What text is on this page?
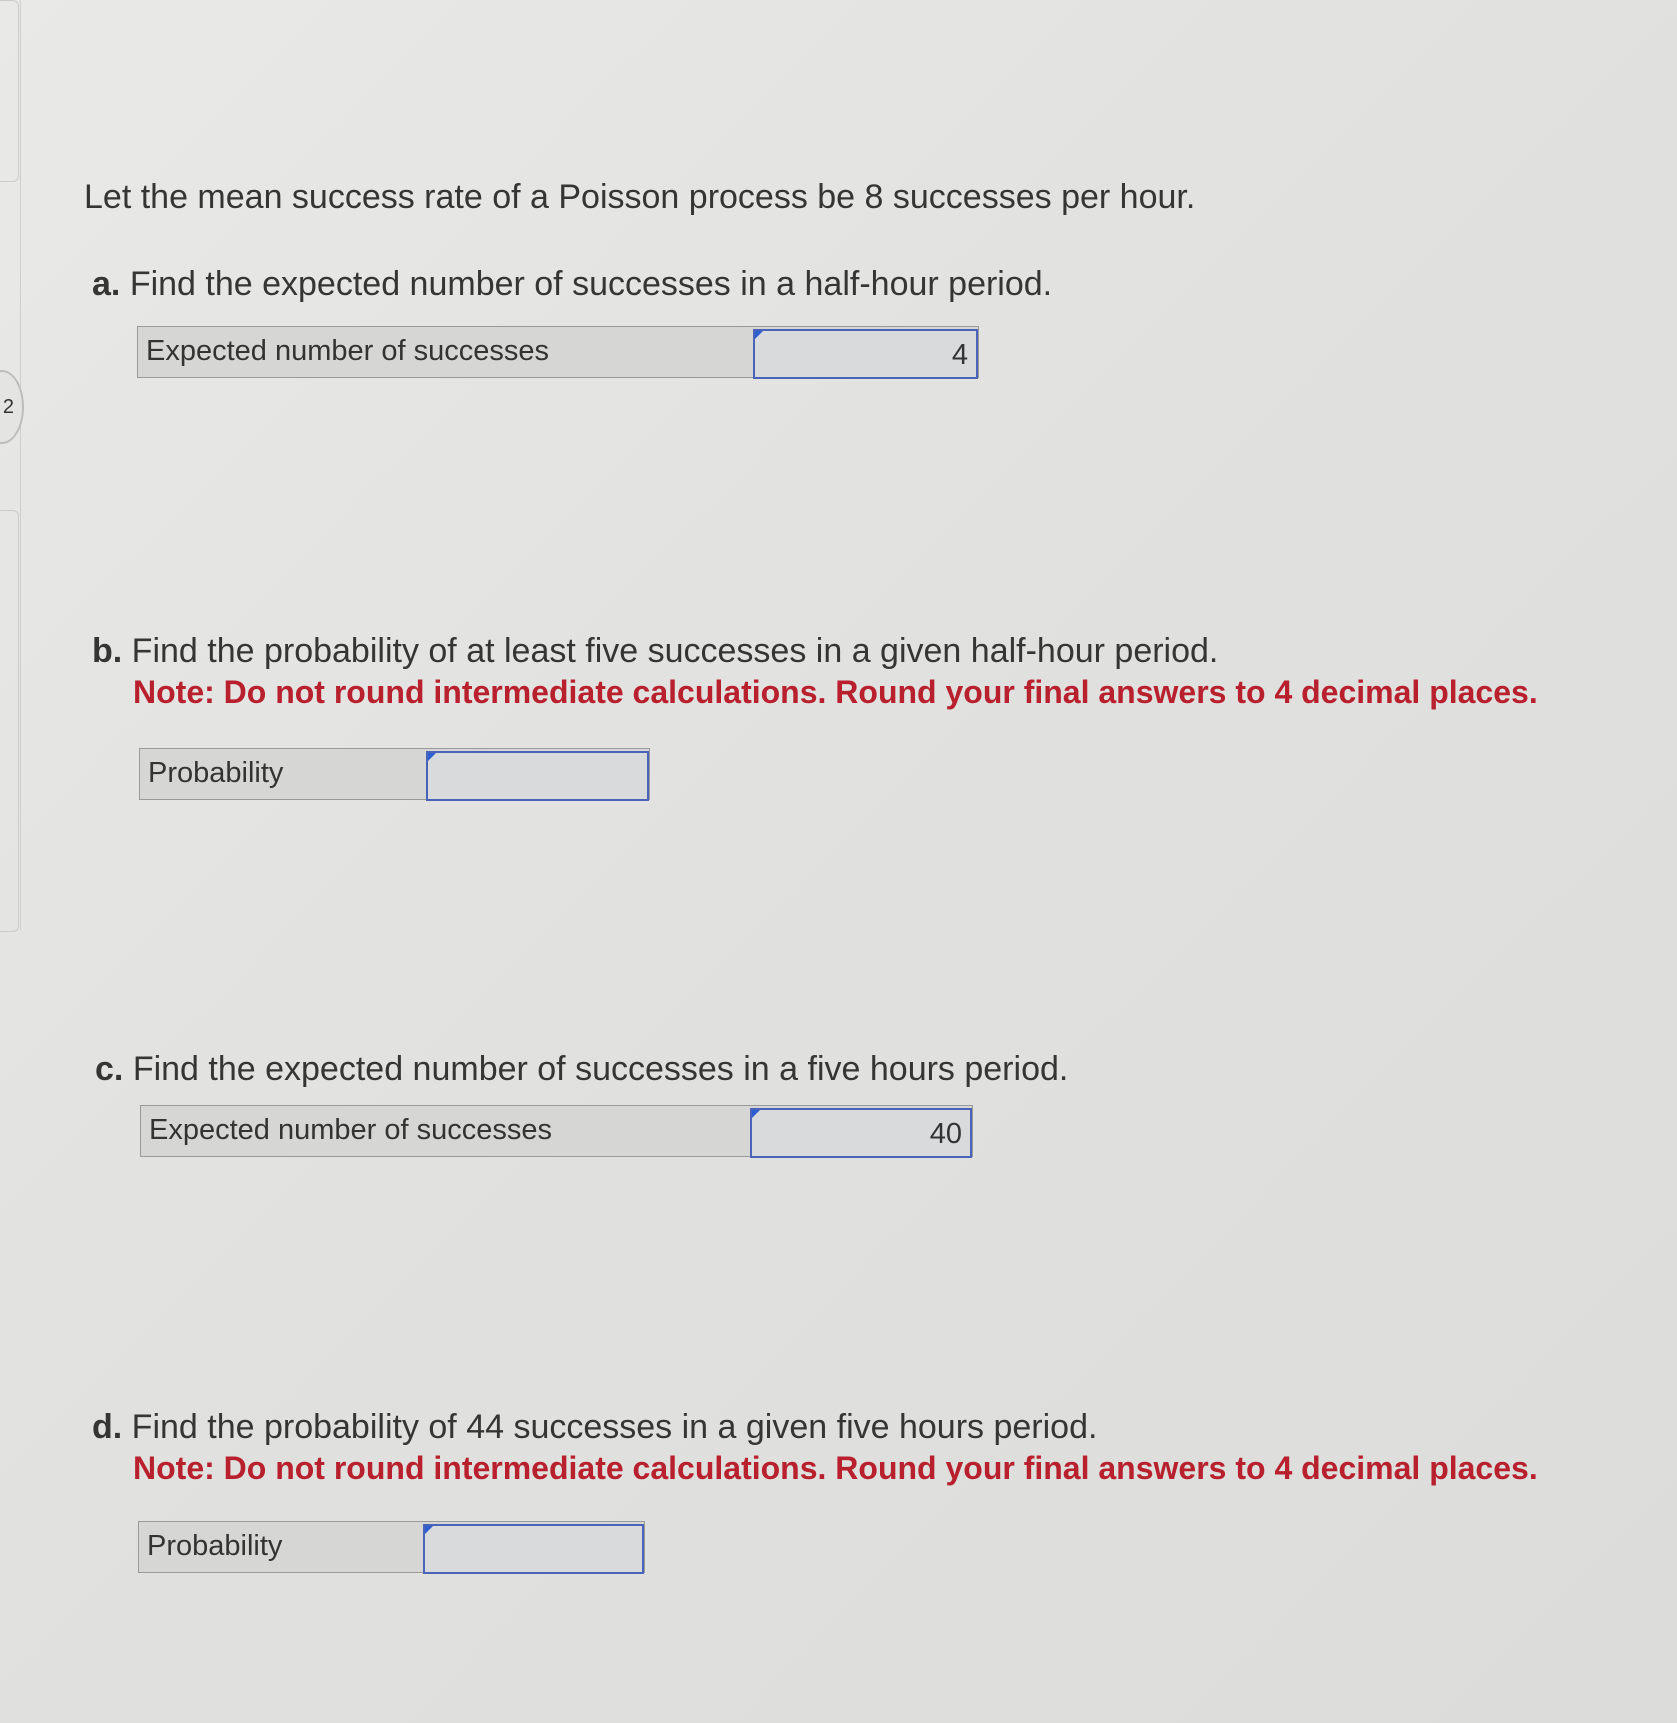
2
Let the mean success rate of a Poisson process be 8 successes per hour.
a. Find the expected number of successes in a half-hour period.
Expected number of successes	4
b. Find the probability of at least five successes in a given half-hour period.
Note: Do not round intermediate calculations. Round your final answers to 4 decimal places.
Probability
c. Find the expected number of successes in a five hours period.
Expected number of successes	40
d. Find the probability of 44 successes in a given five hours period.
Note: Do not round intermediate calculations. Round your final answers to 4 decimal places.
Probability
